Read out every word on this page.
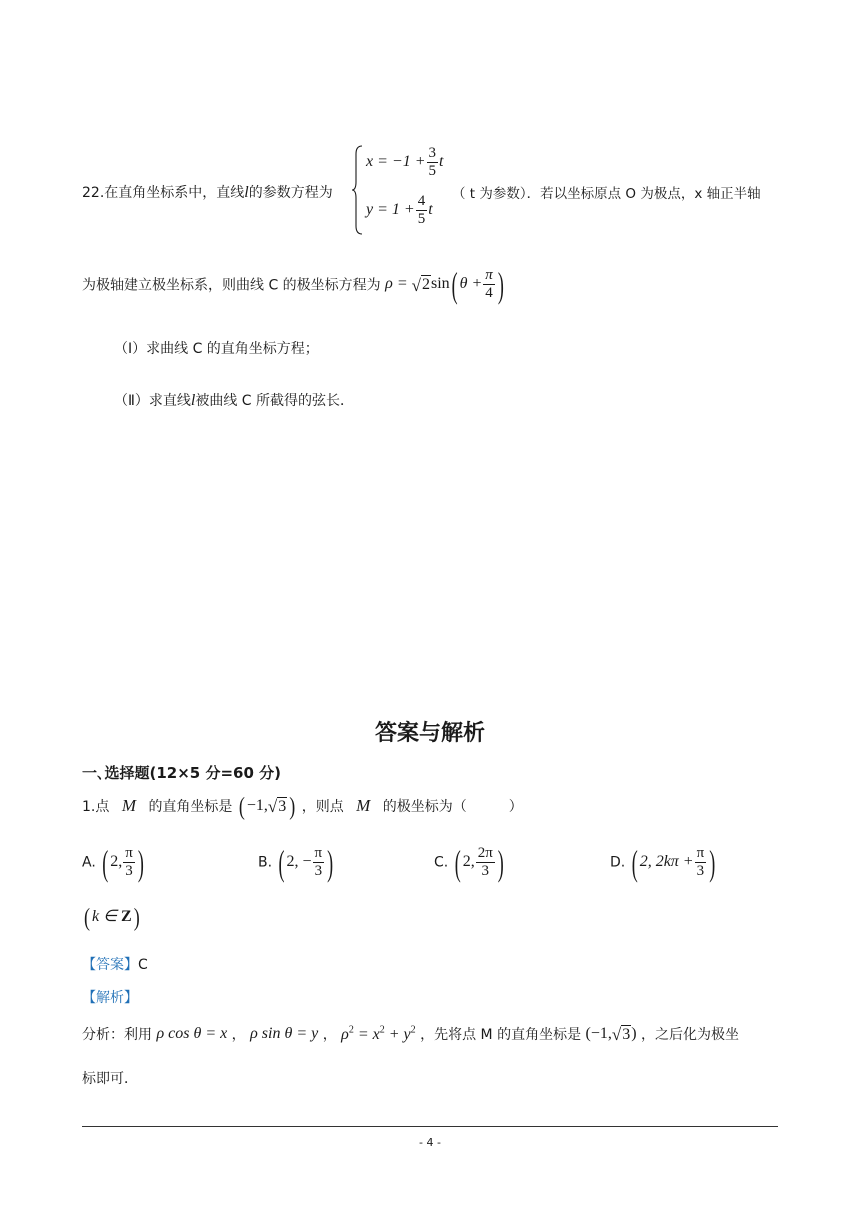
22.在直角坐标系中，直线l的参数方程为
$x = -1 + \frac{3}{5}$ t
$y = 1 + \frac{4}{5}$ t
（ t 为参数）．若以坐标原点 O 为极点，x 轴正半轴
为极轴建立极坐标系，则曲线 C 的极坐标方程为 ρ = √ 2 sin ( $\theta + \frac{\pi}{4}$ )
（Ⅰ）求曲线 C 的直角坐标方程；
（Ⅱ）求直线l被曲线 C 所截得的弦长．
答案与解析
一､选择题(12×5 分=60 分)
1.点 M 的直角坐标是 ( −1, √ 3 ) ，则点 M 的极坐标为（　　　）
A. ( 2, $\frac{\pi}{3}$ )	B. ( 2, − $\frac{\pi}{3}$ )	C. ( 2, $\frac{2\pi}{3}$ )	D. ( 2, $2k\pi + \frac{\pi}{3}$ )
( k ∈ Z )
【答案】C
【解析】
分析：利用 ρ cos θ = x ， ρ sin θ = y ， $\rho^2 = x^2 + y^2$ ，先将点 M 的直角坐标是 (−1, √ 3 ) ，之后化为极坐
标即可．
- 4 -
